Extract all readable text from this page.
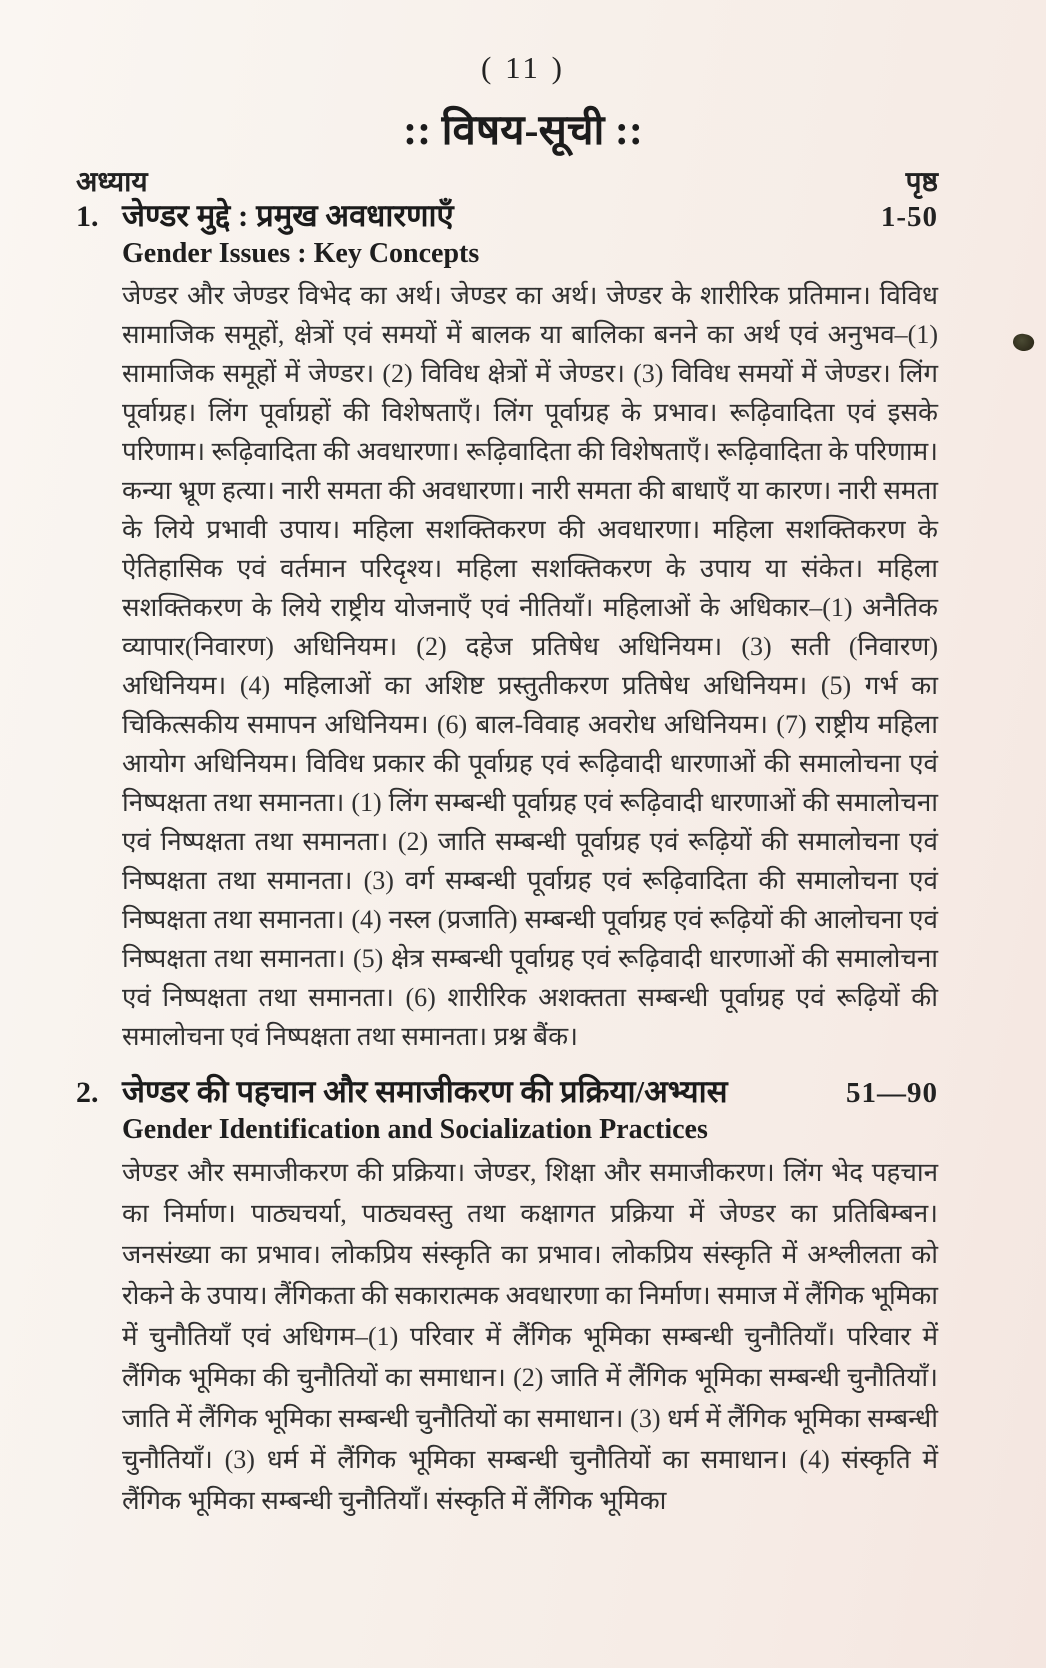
( 11 )
:: विषय-सूची ::
अध्याय	पृष्ठ
1. जेण्डर मुद्दे : प्रमुख अवधारणाएँ	1-50
Gender Issues : Key Concepts

जेण्डर और जेण्डर विभेद का अर्थ। जेण्डर का अर्थ। जेण्डर के शारीरिक प्रतिमान। विविध सामाजिक समूहों, क्षेत्रों एवं समयों में बालक या बालिका बनने का अर्थ एवं अनुभव–(1) सामाजिक समूहों में जेण्डर। (2) विविध क्षेत्रों में जेण्डर। (3) विविध समयों में जेण्डर। लिंग पूर्वाग्रह। लिंग पूर्वाग्रहों की विशेषताएँ। लिंग पूर्वाग्रह के प्रभाव। रूढ़िवादिता एवं इसके परिणाम। रूढ़िवादिता की अवधारणा। रूढ़िवादिता की विशेषताएँ। रूढ़िवादिता के परिणाम। कन्या भ्रूण हत्या। नारी समता की अवधारणा। नारी समता की बाधाएँ या कारण। नारी समता के लिये प्रभावी उपाय। महिला सशक्तिकरण की अवधारणा। महिला सशक्तिकरण के ऐतिहासिक एवं वर्तमान परिदृश्य। महिला सशक्तिकरण के उपाय या संकेत। महिला सशक्तिकरण के लिये राष्ट्रीय योजनाएँ एवं नीतियाँ। महिलाओं के अधिकार–(1) अनैतिक व्यापार(निवारण) अधिनियम। (2) दहेज प्रतिषेध अधिनियम। (3) सती (निवारण) अधिनियम। (4) महिलाओं का अशिष्ट प्रस्तुतीकरण प्रतिषेध अधिनियम। (5) गर्भ का चिकित्सकीय समापन अधिनियम। (6) बाल-विवाह अवरोध अधिनियम। (7) राष्ट्रीय महिला आयोग अधिनियम। विविध प्रकार की पूर्वाग्रह एवं रूढ़िवादी धारणाओं की समालोचना एवं निष्पक्षता तथा समानता। (1) लिंग सम्बन्धी पूर्वाग्रह एवं रूढ़िवादी धारणाओं की समालोचना एवं निष्पक्षता तथा समानता। (2) जाति सम्बन्धी पूर्वाग्रह एवं रूढ़ियों की समालोचना एवं निष्पक्षता तथा समानता। (3) वर्ग सम्बन्धी पूर्वाग्रह एवं रूढ़िवादिता की समालोचना एवं निष्पक्षता तथा समानता। (4) नस्ल (प्रजाति) सम्बन्धी पूर्वाग्रह एवं रूढ़ियों की आलोचना एवं निष्पक्षता तथा समानता। (5) क्षेत्र सम्बन्धी पूर्वाग्रह एवं रूढ़िवादी धारणाओं की समालोचना एवं निष्पक्षता तथा समानता। (6) शारीरिक अशक्तता सम्बन्धी पूर्वाग्रह एवं रूढ़ियों की समालोचना एवं निष्पक्षता तथा समानता। प्रश्न बैंक।

2. जेण्डर की पहचान और समाजीकरण की प्रक्रिया/अभ्यास	51—90
Gender Identification and Socialization Practices

जेण्डर और समाजीकरण की प्रक्रिया। जेण्डर, शिक्षा और समाजीकरण। लिंग भेद पहचान का निर्माण। पाठ्यचर्या, पाठ्यवस्तु तथा कक्षागत प्रक्रिया में जेण्डर का प्रतिबिम्बन। जनसंख्या का प्रभाव। लोकप्रिय संस्कृति का प्रभाव। लोकप्रिय संस्कृति में अश्लीलता को रोकने के उपाय। लैंगिकता की सकारात्मक अवधारणा का निर्माण। समाज में लैंगिक भूमिका में चुनौतियाँ एवं अधिगम–(1) परिवार में लैंगिक भूमिका सम्बन्धी चुनौतियाँ। परिवार में लैंगिक भूमिका की चुनौतियों का समाधान। (2) जाति में लैंगिक भूमिका सम्बन्धी चुनौतियाँ। जाति में लैंगिक भूमिका सम्बन्धी चुनौतियों का समाधान। (3) धर्म में लैंगिक भूमिका सम्बन्धी चुनौतियाँ। (3) धर्म में लैंगिक भूमिका सम्बन्धी चुनौतियों का समाधान। (4) संस्कृति में लैंगिक भूमिका सम्बन्धी चुनौतियाँ। संस्कृति में लैंगिक भूमिका
